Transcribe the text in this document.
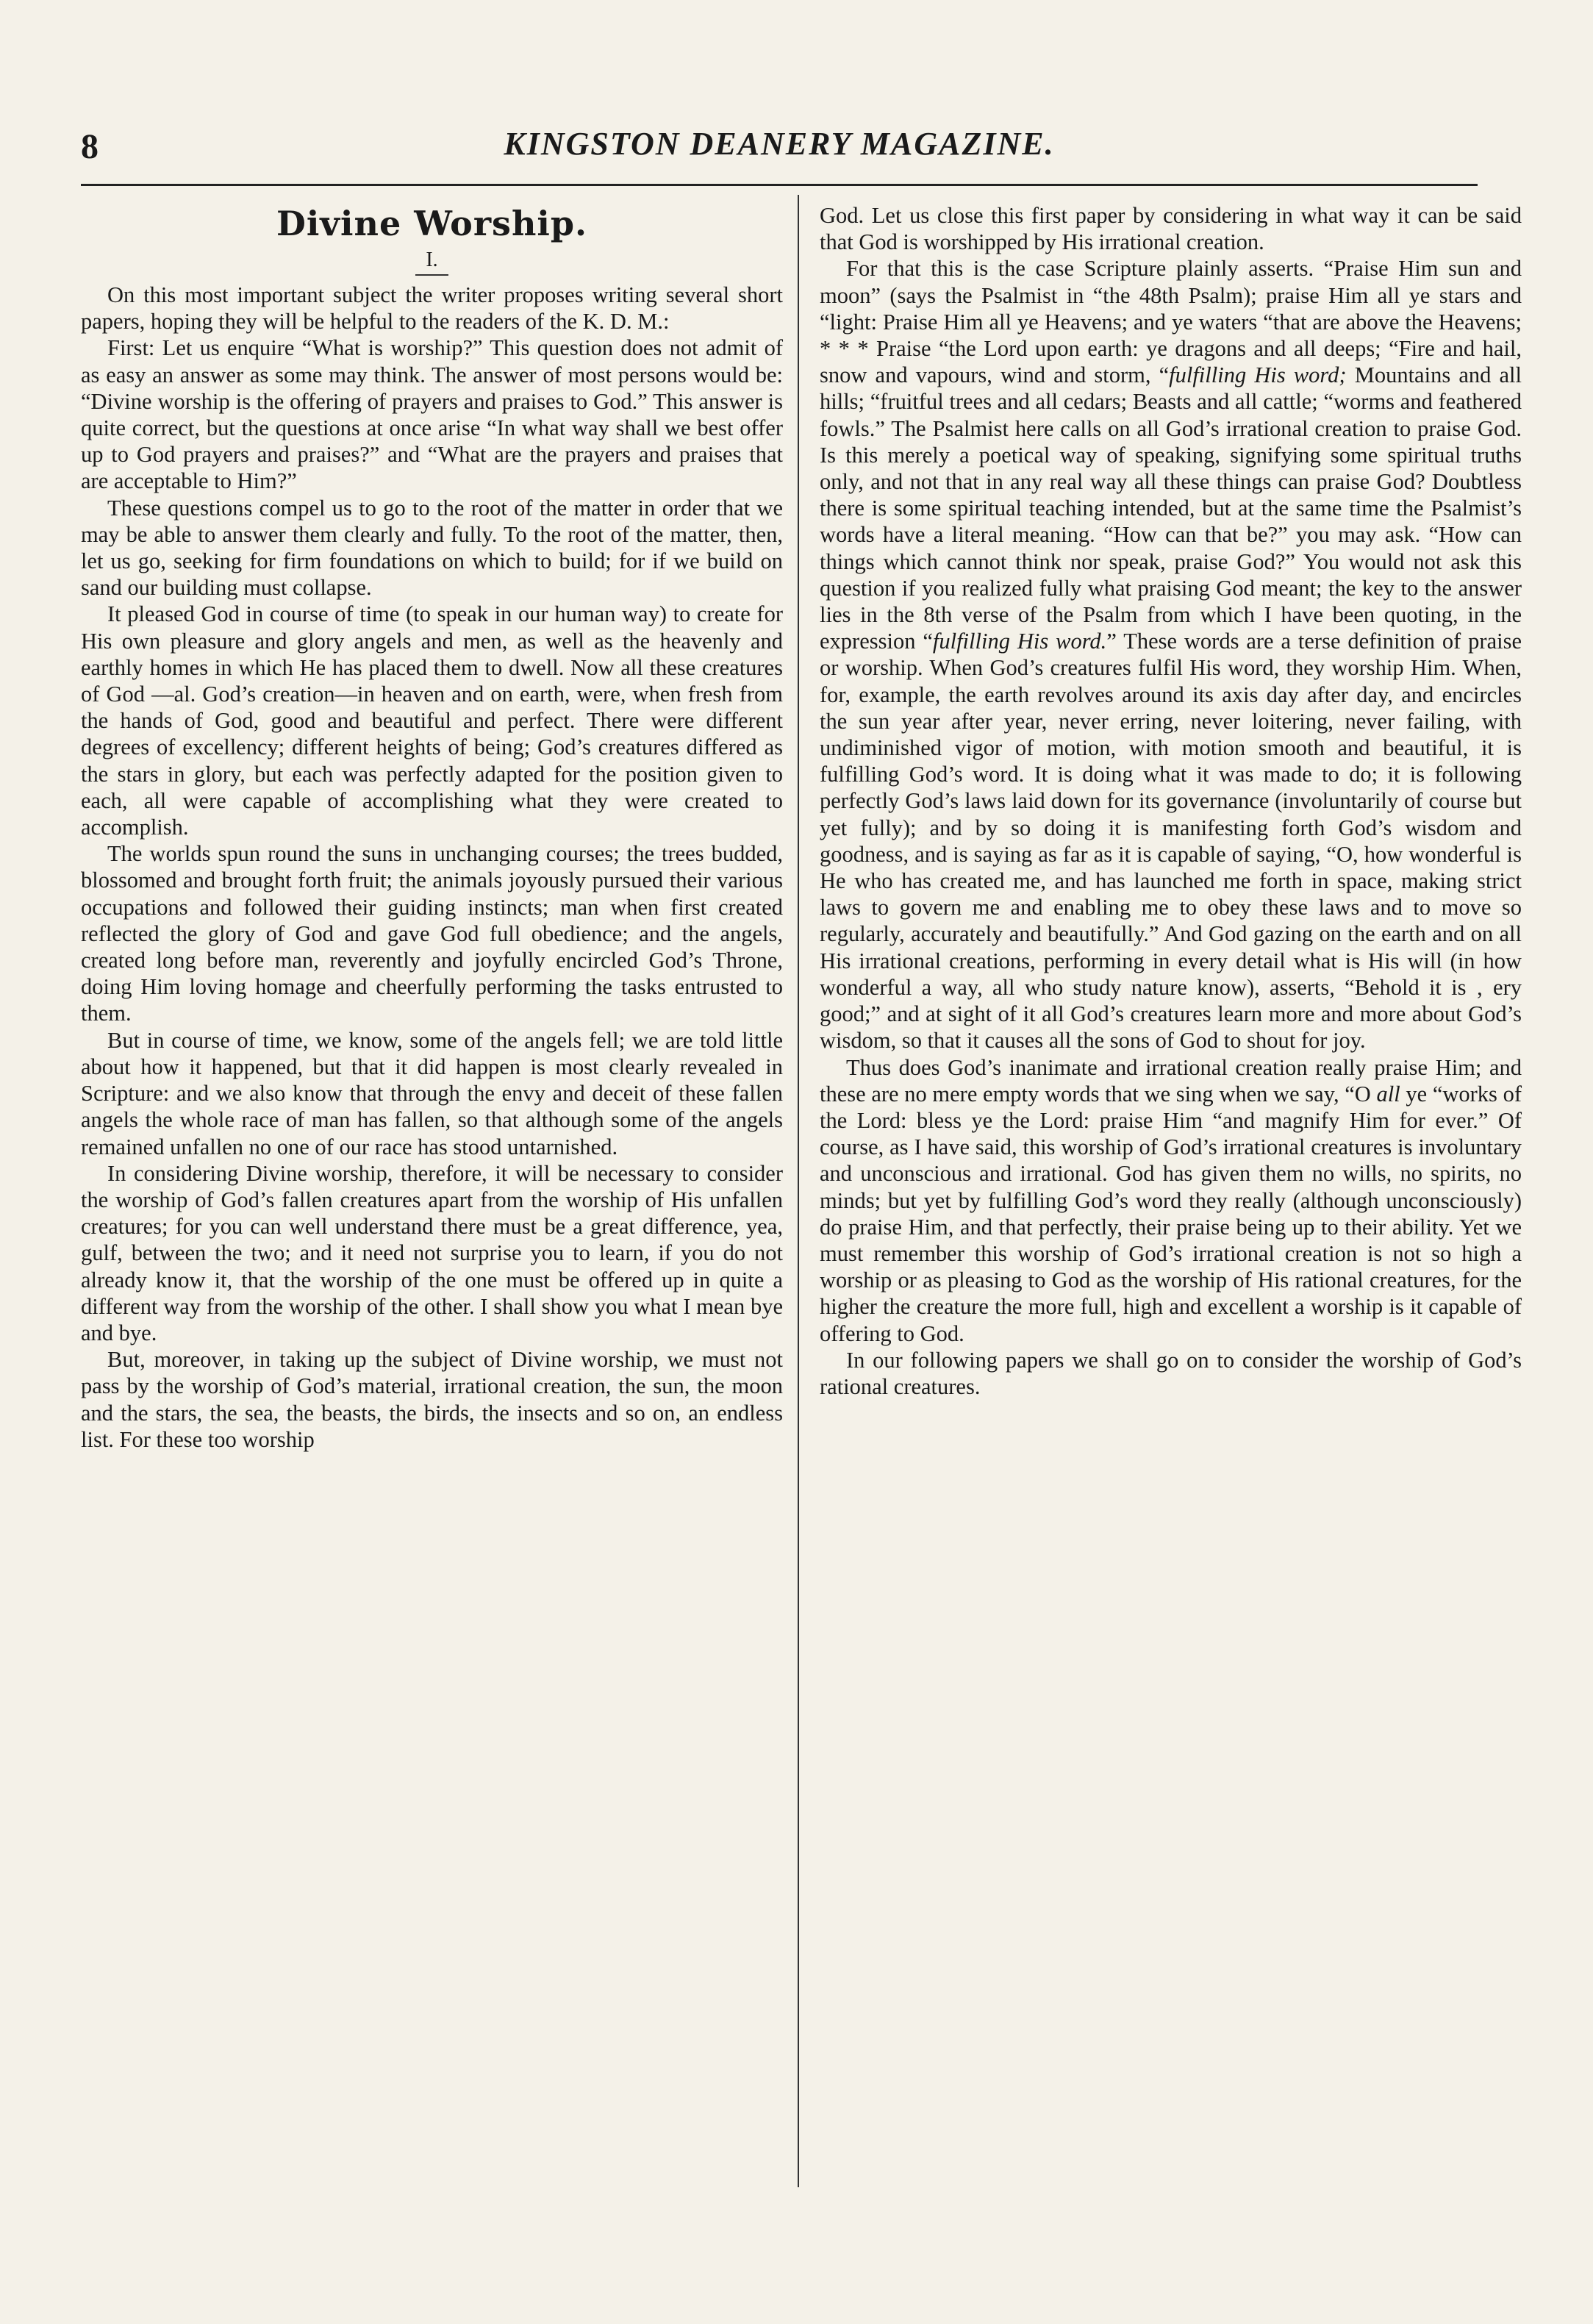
8	KINGSTON DEANERY MAGAZINE.
Divine Worship.
I.

On this most important subject the writer proposes writing several short papers, hoping they will be helpful to the readers of the K. D. M.:

First: Let us enquire “What is worship?” This question does not admit of as easy an answer as some may think. The answer of most persons would be: “Divine worship is the offering of prayers and praises to God.” This answer is quite correct, but the questions at once arise “In what way shall we best offer up to God prayers and praises?” and “What are the prayers and praises that are acceptable to Him?”

These questions compel us to go to the root of the matter in order that we may be able to answer them clearly and fully. To the root of the matter, then, let us go, seeking for firm foundations on which to build; for if we build on sand our building must collapse.

It pleased God in course of time (to speak in our human way) to create for His own pleasure and glory angels and men, as well as the heavenly and earthly homes in which He has placed them to dwell. Now all these creatures of God —al. God’s creation—in heaven and on earth, were, when fresh from the hands of God, good and beautiful and perfect. There were different degrees of excellency; different heights of being; God’s creatures differed as the stars in glory, but each was perfectly adapted for the position given to each, all were capable of accomplishing what they were created to accomplish.

The worlds spun round the suns in unchanging courses; the trees budded, blossomed and brought forth fruit; the animals joyously pursued their various occupations and followed their guiding instincts; man when first created reflected the glory of God and gave God full obedience; and the angels, created long before man, reverently and joyfully encircled God’s Throne, doing Him loving homage and cheerfully performing the tasks entrusted to them.

But in course of time, we know, some of the angels fell; we are told little about how it happened, but that it did happen is most clearly revealed in Scripture: and we also know that through the envy and deceit of these fallen angels the whole race of man has fallen, so that although some of the angels remained unfallen no one of our race has stood untarnished.

In considering Divine worship, therefore, it will be necessary to consider the worship of God’s fallen creatures apart from the worship of His unfallen creatures; for you can well understand there must be a great difference, yea, gulf, between the two; and it need not surprise you to learn, if you do not already know it, that the worship of the one must be offered up in quite a different way from the worship of the other. I shall show you what I mean bye and bye.

But, moreover, in taking up the subject of Divine worship, we must not pass by the worship of God’s material, irrational creation, the sun, the moon and the stars, the sea, the beasts, the birds, the insects and so on, an endless list. For these too worship

God. Let us close this first paper by considering in what way it can be said that God is worshipped by His irrational creation.

For that this is the case Scripture plainly asserts. “Praise Him sun and moon” (says the Psalmist in “the 48th Psalm); praise Him all ye stars and “light: Praise Him all ye Heavens; and ye waters “that are above the Heavens; * * * Praise “the Lord upon earth: ye dragons and all deeps; “Fire and hail, snow and vapours, wind and storm, “fulfilling His word; Mountains and all hills; “fruitful trees and all cedars; Beasts and all cattle; “worms and feathered fowls.” The Psalmist here calls on all God’s irrational creation to praise God. Is this merely a poetical way of speaking, signifying some spiritual truths only, and not that in any real way all these things can praise God? Doubtless there is some spiritual teaching intended, but at the same time the Psalmist’s words have a literal meaning. “How can that be?” you may ask. “How can things which cannot think nor speak, praise God?” You would not ask this question if you realized fully what praising God meant; the key to the answer lies in the 8th verse of the Psalm from which I have been quoting, in the expression “fulfilling His word.” These words are a terse definition of praise or worship. When God’s creatures fulfil His word, they worship Him. When, for, example, the earth revolves around its axis day after day, and encircles the sun year after year, never erring, never loitering, never failing, with undiminished vigor of motion, with motion smooth and beautiful, it is fulfilling God’s word. It is doing what it was made to do; it is following perfectly God’s laws laid down for its governance (involuntarily of course but yet fully); and by so doing it is manifesting forth God’s wisdom and goodness, and is saying as far as it is capable of saying, “O, how wonderful is He who has created me, and has launched me forth in space, making strict laws to govern me and enabling me to obey these laws and to move so regularly, accurately and beautifully.” And God gazing on the earth and on all His irrational creations, performing in every detail what is His will (in how wonderful a way, all who study nature know), asserts, “Behold it is ‚ ery good;” and at sight of it all God’s creatures learn more and more about God’s wisdom, so that it causes all the sons of God to shout for joy.

Thus does God’s inanimate and irrational creation really praise Him; and these are no mere empty words that we sing when we say, “O all ye “works of the Lord: bless ye the Lord: praise Him “and magnify Him for ever.” Of course, as I have said, this worship of God’s irrational creatures is involuntary and unconscious and irrational. God has given them no wills, no spirits, no minds; but yet by fulfilling God’s word they really (although unconsciously) do praise Him, and that perfectly, their praise being up to their ability. Yet we must remember this worship of God’s irrational creation is not so high a worship or as pleasing to God as the worship of His rational creatures, for the higher the creature the more full, high and excellent a worship is it capable of offering to God.

In our following papers we shall go on to consider the worship of God’s rational creatures.
